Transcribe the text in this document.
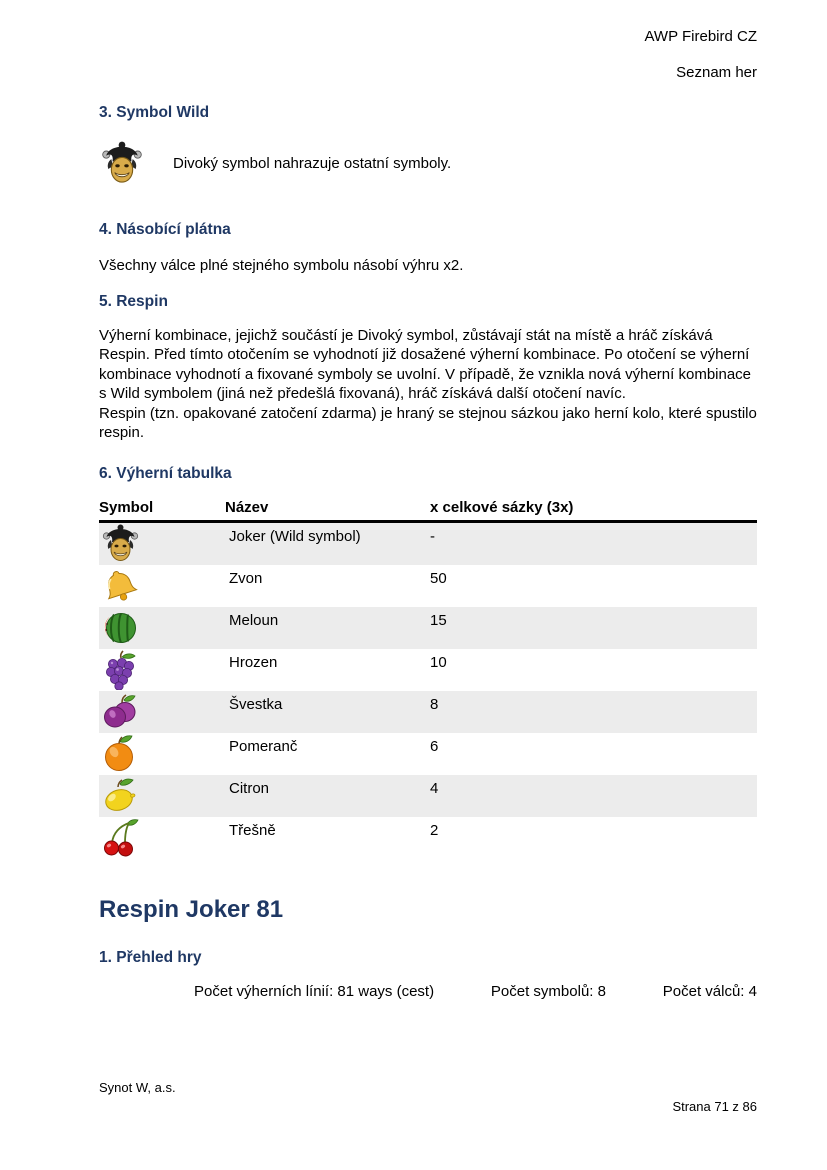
AWP Firebird CZ
Seznam her
3. Symbol Wild
Divoký symbol nahrazuje ostatní symboly.
4. Násobící plátna
Všechny válce plné stejného symbolu násobí výhru x2.
5. Respin
Výherní kombinace, jejichž součástí je Divoký symbol, zůstávají stát na místě a hráč získává Respin. Před tímto otočením se vyhodnotí již dosažené výherní kombinace. Po otočení se výherní kombinace vyhodnotí a fixované symboly se uvolní. V případě, že vznikla nová výherní kombinace s Wild symbolem (jiná než předešlá fixovaná), hráč získává další otočení navíc.
Respin (tzn. opakované zatočení zdarma) je hraný se stejnou sázkou jako herní kolo, které spustilo respin.
6. Výherní tabulka
Symbol	Název	x celkové sázky (3x)
Joker (Wild symbol)	-
Zvon	50
Meloun	15
Hrozen	10
Švestka	8
Pomeranč	6
Citron	4
Třešně	2
Respin Joker 81
1. Přehled hry
Počet výherních línií: 81 ways (cest)	Počet symbolů: 8	Počet válců: 4
Synot W, a.s.
Strana 71 z 86
